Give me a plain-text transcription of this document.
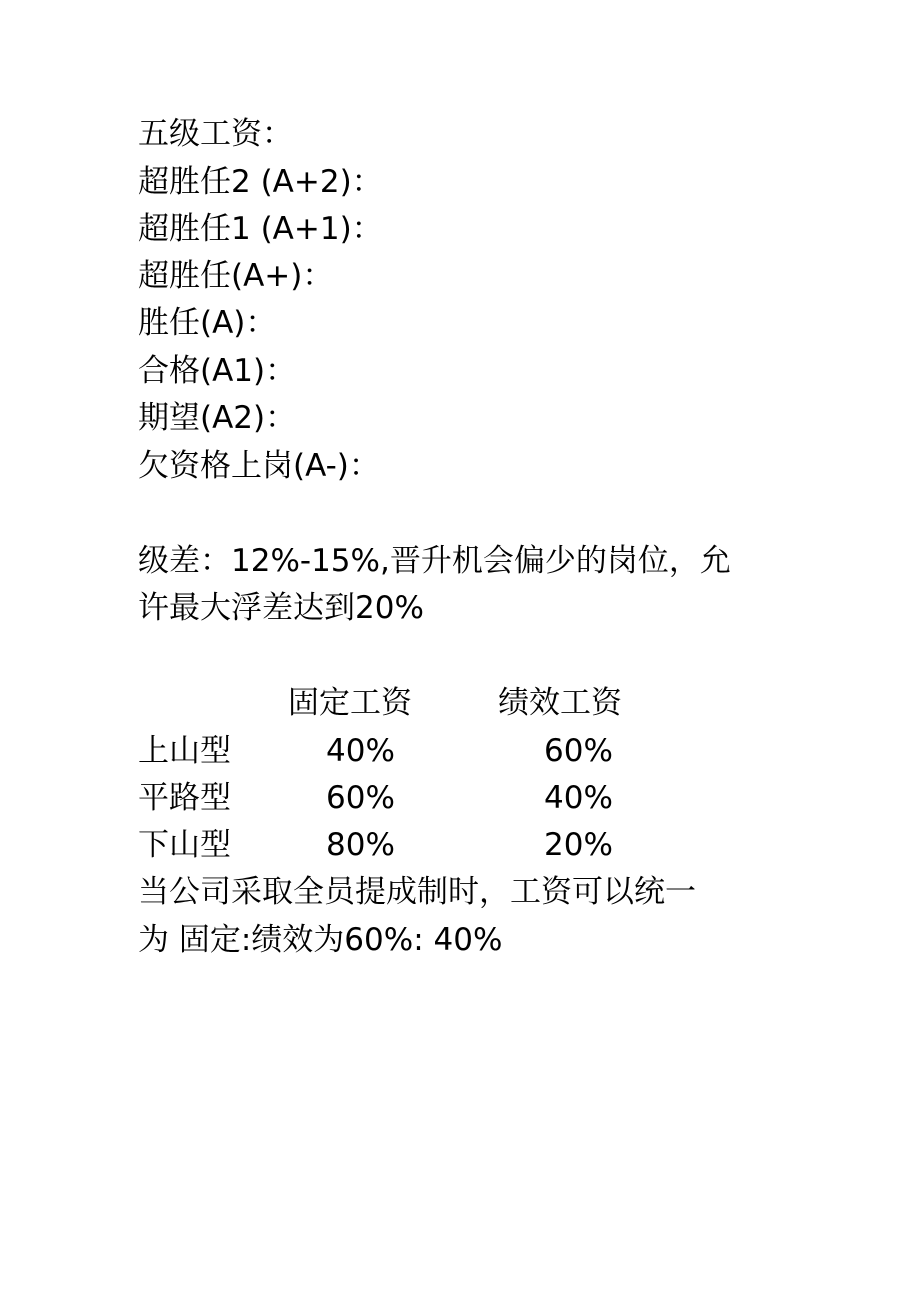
五级工资：
超胜任2 (A+2)：
超胜任1 (A+1)：
超胜任(A+)：
胜任(A)：
合格(A1)：
期望(A2)：
欠资格上岗(A-)：
级差：12%-15%,晋升机会偏少的岗位，允
许最大浮差达到20%
固定工资	绩效工资
上山型	40%	60%
平路型	60%	40%
下山型	80%	20%
当公司采取全员提成制时，工资可以统一
为 固定:绩效为60%: 40%
